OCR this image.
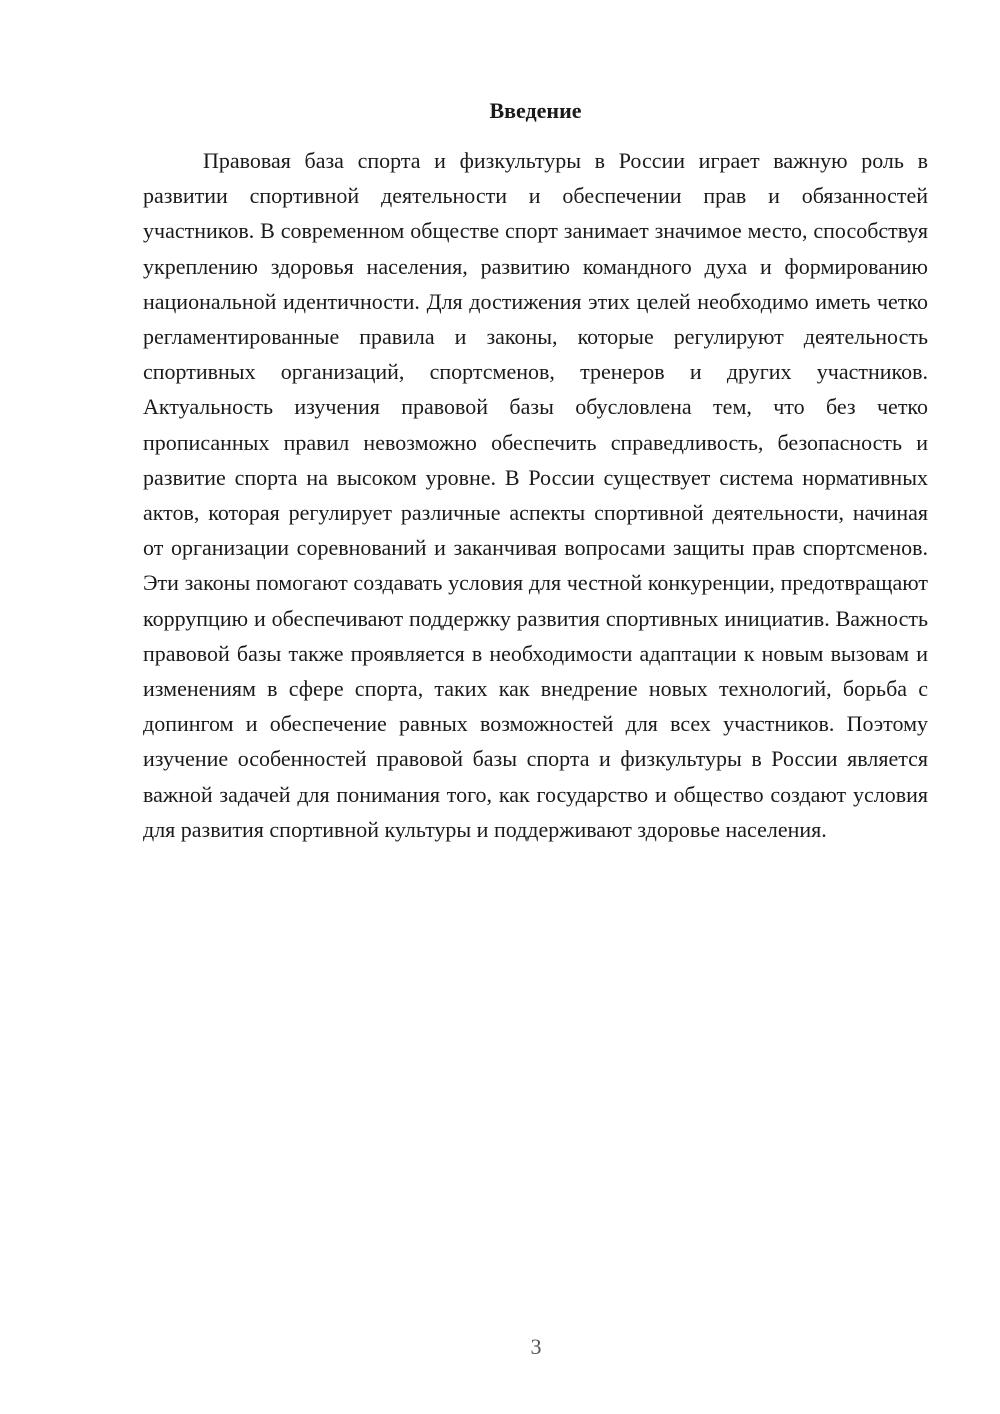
Введение

Правовая база спорта и физкультуры в России играет важную роль в развитии спортивной деятельности и обеспечении прав и обязанностей участников. В современном обществе спорт занимает значимое место, способствуя укреплению здоровья населения, развитию командного духа и формированию национальной идентичности. Для достижения этих целей необходимо иметь четко регламентированные правила и законы, которые регулируют деятельность спортивных организаций, спортсменов, тренеров и других участников. Актуальность изучения правовой базы обусловлена тем, что без четко прописанных правил невозможно обеспечить справедливость, безопасность и развитие спорта на высоком уровне. В России существует система нормативных актов, которая регулирует различные аспекты спортивной деятельности, начиная от организации соревнований и заканчивая вопросами защиты прав спортсменов. Эти законы помогают создавать условия для честной конкуренции, предотвращают коррупцию и обеспечивают поддержку развития спортивных инициатив. Важность правовой базы также проявляется в необходимости адаптации к новым вызовам и изменениям в сфере спорта, таких как внедрение новых технологий, борьба с допингом и обеспечение равных возможностей для всех участников. Поэтому изучение особенностей правовой базы спорта и физкультуры в России является важной задачей для понимания того, как государство и общество создают условия для развития спортивной культуры и поддерживают здоровье населения.

3
